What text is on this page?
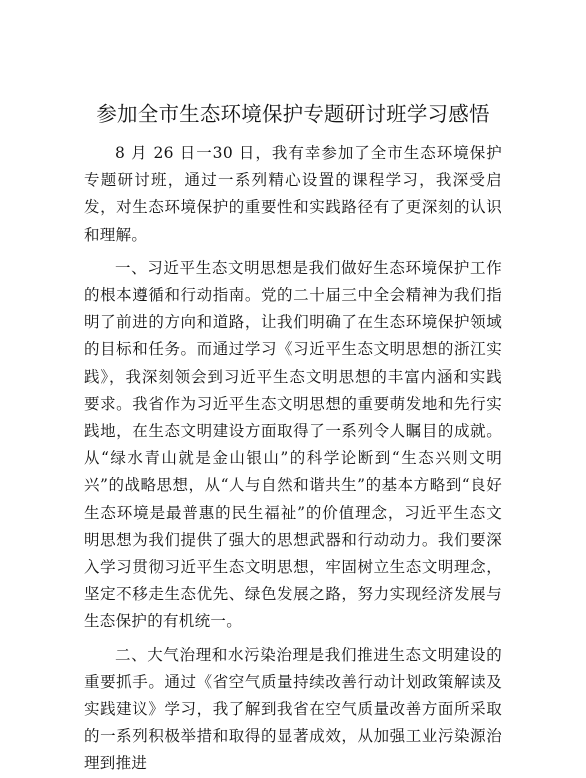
参加全市生态环境保护专题研讨班学习感悟

8 月 26 日一30 日，我有幸参加了全市生态环境保护专题研讨班，通过一系列精心设置的课程学习，我深受启发，对生态环境保护的重要性和实践路径有了更深刻的认识和理解。

一、习近平生态文明思想是我们做好生态环境保护工作的根本遵循和行动指南。党的二十届三中全会精神为我们指明了前进的方向和道路，让我们明确了在生态环境保护领域的目标和任务。而通过学习《习近平生态文明思想的浙江实践》，我深刻领会到习近平生态文明思想的丰富内涵和实践要求。我省作为习近平生态文明思想的重要萌发地和先行实践地，在生态文明建设方面取得了一系列令人瞩目的成就。从“绿水青山就是金山银山”的科学论断到“生态兴则文明兴”的战略思想，从“人与自然和谐共生”的基本方略到“良好生态环境是最普惠的民生福祉”的价值理念，习近平生态文明思想为我们提供了强大的思想武器和行动动力。我们要深入学习贯彻习近平生态文明思想，牢固树立生态文明理念，坚定不移走生态优先、绿色发展之路，努力实现经济发展与生态保护的有机统一。

二、大气治理和水污染治理是我们推进生态文明建设的重要抓手。通过《省空气质量持续改善行动计划政策解读及实践建议》学习，我了解到我省在空气质量改善方面所采取的一系列积极举措和取得的显著成效，从加强工业污染源治理到推进
